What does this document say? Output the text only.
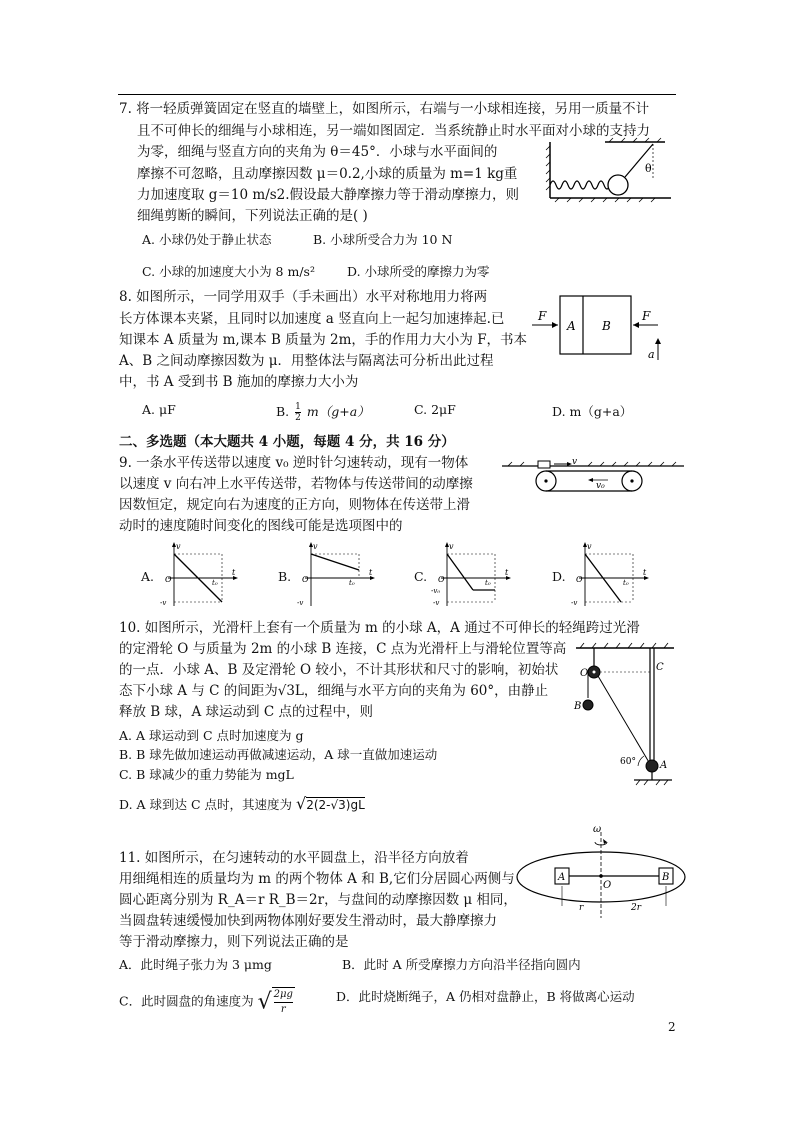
7. 将一轻质弹簧固定在竖直的墙壁上，如图所示，右端与一小球相连接，另用一质量不计
且不可伸长的细绳与小球相连，另一端如图固定．当系统静止时水平面对小球的支持力
为零，细绳与竖直方向的夹角为 θ＝45°．小球与水平面间的
摩擦不可忽略，且动摩擦因数 μ＝0.2,小球的质量为 m=1 kg重
力加速度取 g＝10 m/s2.假设最大静摩擦力等于滑动摩擦力，则
细绳剪断的瞬间，下列说法正确的是( )
A. 小球仍处于静止状态	B. 小球所受合力为 10 N
C. 小球的加速度大小为 8 m/s²	D. 小球所受的摩擦力为零
θ
8. 如图所示，一同学用双手（手未画出）水平对称地用力将两
长方体课本夹紧，且同时以加速度 a 竖直向上一起匀加速捧起.已
知课本 A 质量为 m,课本 B 质量为 2m，手的作用力大小为 F，书本
A、B 之间动摩擦因数为 μ．用整体法与隔离法可分析出此过程
中，书 A 受到书 B 施加的摩擦力大小为
A. μF	B. $\frac{1}{2} m(g+a)$	C. 2μF	D. m（g+a）
F	F
A B
a
二、多选题（本大题共 4 小题，每题 4 分，共 16 分）
9. 一条水平传送带以速度 v₀ 逆时针匀速转动，现有一物体
以速度 v 向右冲上水平传送带，若物体与传送带间的动摩擦
因数恒定，规定向右为速度的正方向，则物体在传送带上滑
动时的速度随时间变化的图线可能是选项图中的
v
v₀
A.
v
t
O	t₀
-v
B.
v
t
O	t₀
-v
C.
v
t
O	t₀
-v₀
-v
D.
v
t
O	t₀
-v
10. 如图所示，光滑杆上套有一个质量为 m 的小球 A，A 通过不可伸长的轻绳跨过光滑
的定滑轮 O 与质量为 2m 的小球 B 连接，C 点为光滑杆上与滑轮位置等高
的一点．小球 A、B 及定滑轮 O 较小，不计其形状和尺寸的影响，初始状
态下小球 A 与 C 的间距为√3L，细绳与水平方向的夹角为 60°，由静止
释放 B 球，A 球运动到 C 点的过程中，则
A. A 球运动到 C 点时加速度为 g
B. B 球先做加速运动再做减速运动，A 球一直做加速运动
C. B 球减少的重力势能为 mgL
D. A 球到达 C 点时，其速度为 √2(2-√3)gL
O
B
C
A
60°
11. 如图所示，在匀速转动的水平圆盘上，沿半径方向放着
用细绳相连的质量均为 m 的两个物体 A 和 B,它们分居圆心两侧与
圆心距离分别为 R_A＝r R_B＝2r，与盘间的动摩擦因数 μ 相同，
当圆盘转速缓慢加快到两物体刚好要发生滑动时，最大静摩擦力
等于滑动摩擦力，则下列说法正确的是
A．此时绳子张力为 3 μmg	B．此时 A 所受摩擦力方向沿半径指向圆内
C．此时圆盘的角速度为 √ $\frac{2\mu g}{r}$	D．此时烧断绳子，A 仍相对盘静止，B 将做离心运动
ω
A
O
B
r	2r
2
